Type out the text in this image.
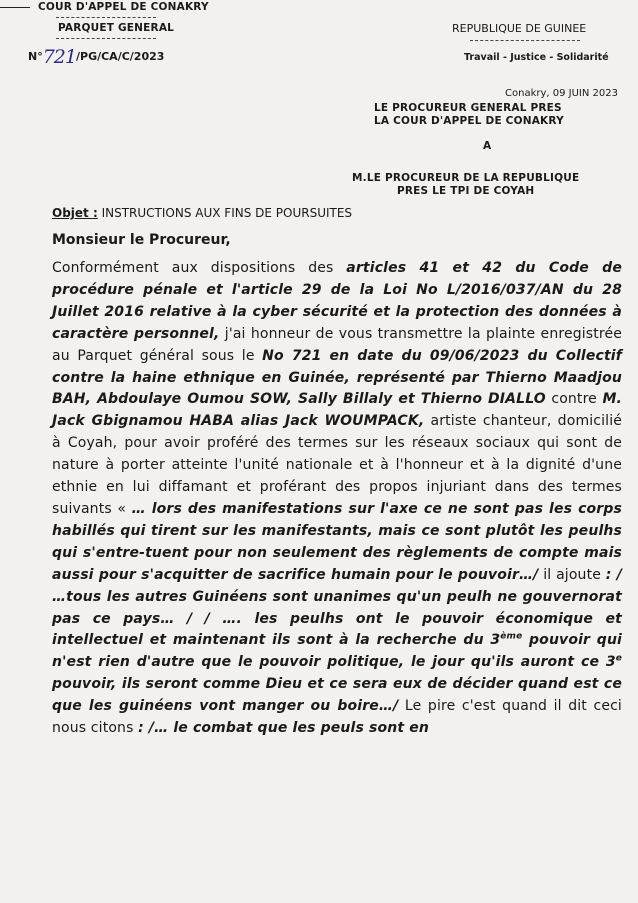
COUR D'APPEL DE CONAKRY
PARQUET GENERAL
N°721/PG/CA/C/2023
REPUBLIQUE DE GUINEE
Travail - Justice - Solidarité
Conakry, 09 JUIN 2023
LE PROCUREUR GENERAL PRES
LA COUR D'APPEL DE CONAKRY
A
M.LE PROCUREUR DE LA REPUBLIQUE
PRES LE TPI DE COYAH
Objet : INSTRUCTIONS AUX FINS DE POURSUITES
Monsieur le Procureur,
Conformément aux dispositions des articles 41 et 42 du Code de procédure pénale et l'article 29 de la Loi No L/2016/037/AN du 28 Juillet 2016 relative à la cyber sécurité et la protection des données à caractère personnel, j'ai honneur de vous transmettre la plainte enregistrée au Parquet général sous le No 721 en date du 09/06/2023 du Collectif contre la haine ethnique en Guinée, représenté par Thierno Maadjou BAH, Abdoulaye Oumou SOW, Sally Billaly et Thierno DIALLO contre M. Jack Gbignamou HABA alias Jack WOUMPACK, artiste chanteur, domicilié à Coyah, pour avoir proféré des termes sur les réseaux sociaux qui sont de nature à porter atteinte l'unité nationale et à l'honneur et à la dignité d'une ethnie en lui diffamant et proférant des propos injuriant dans des termes suivants « … lors des manifestations sur l'axe ce ne sont pas les corps habillés qui tirent sur les manifestants, mais ce sont plutôt les peulhs qui s'entre-tuent pour non seulement des règlements de compte mais aussi pour s'acquitter de sacrifice humain pour le pouvoir…/ il ajoute : / …tous les autres Guinéens sont unanimes qu'un peulh ne gouvernorat pas ce pays… / / …. les peulhs ont le pouvoir économique et intellectuel et maintenant ils sont à la recherche du 3ème pouvoir qui n'est rien d'autre que le pouvoir politique, le jour qu'ils auront ce 3e pouvoir, ils seront comme Dieu et ce sera eux de décider quand est ce que les guinéens vont manger ou boire…/ Le pire c'est quand il dit ceci nous citons : /… le combat que les peuls sont en
